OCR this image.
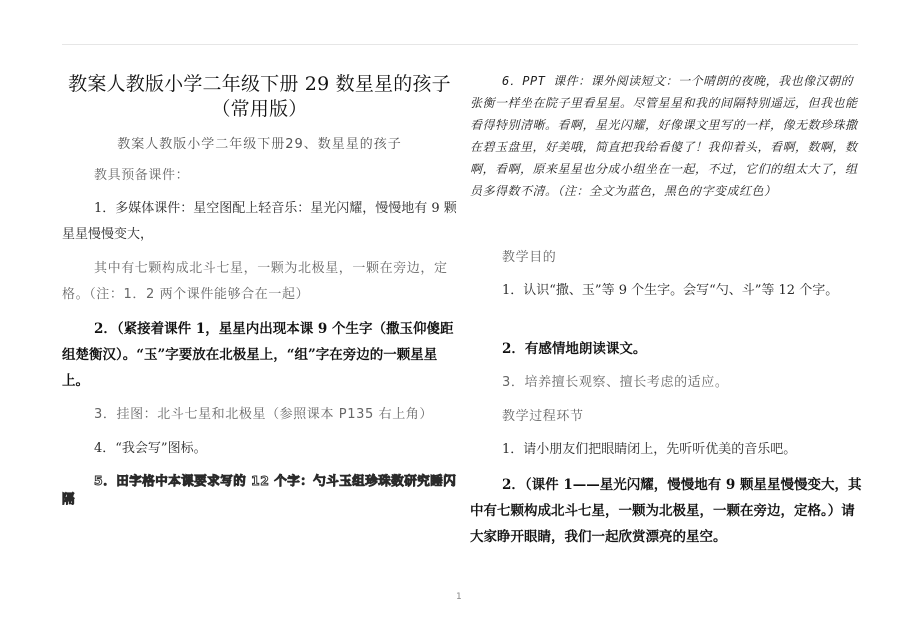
教案人教版小学二年级下册 29 数星星的孩子
（常用版）
教案人教版小学二年级下册29、数星星的孩子
教具预备课件：
1．多媒体课件：星空图配上轻音乐：星光闪耀，慢慢地有 9 颗星星慢慢变大，
其中有七颗构成北斗七星，一颗为北极星，一颗在旁边，定格。（注：1．2 两个课件能够合在一起）
2．（紧接着课件 1，星星内出现本课 9 个生字（撒玉仰傻距组楚衡汉）。“玉”字要放在北极星上，“组”字在旁边的一颗星星上。
3．挂图：北斗七星和北极星（参照课本 P135 右上角）
4．“我会写”图标。
5．田字格中本课要求写的 12 个字：勺斗玉组珍珠数研究睡闪隔
6．PPT 课件：课外阅读短文：一个晴朗的夜晚，我也像汉朝的张衡一样坐在院子里看星星。尽管星星和我的间隔特别遥远，但我也能看得特别清晰。看啊，星光闪耀，好像课文里写的一样，像无数珍珠撒在碧玉盘里，好美哦，简直把我给看傻了！我仰着头，看啊，数啊，数啊，看啊，原来星星也分成小组坐在一起，不过，它们的组太大了，组员多得数不清。（注：全文为蓝色，黑色的字变成红色）
教学目的
1．认识“撒、玉”等 9 个生字。会写“勺、斗”等 12 个字。
2．有感情地朗读课文。
3．培养擅长观察、擅长考虑的适应。
教学过程环节
1．请小朋友们把眼睛闭上，先听听优美的音乐吧。
2．（课件 1——星光闪耀，慢慢地有 9 颗星星慢慢变大，其中有七颗构成北斗七星，一颗为北极星，一颗在旁边，定格。）请大家睁开眼睛，我们一起欣赏漂亮的星空。
1
